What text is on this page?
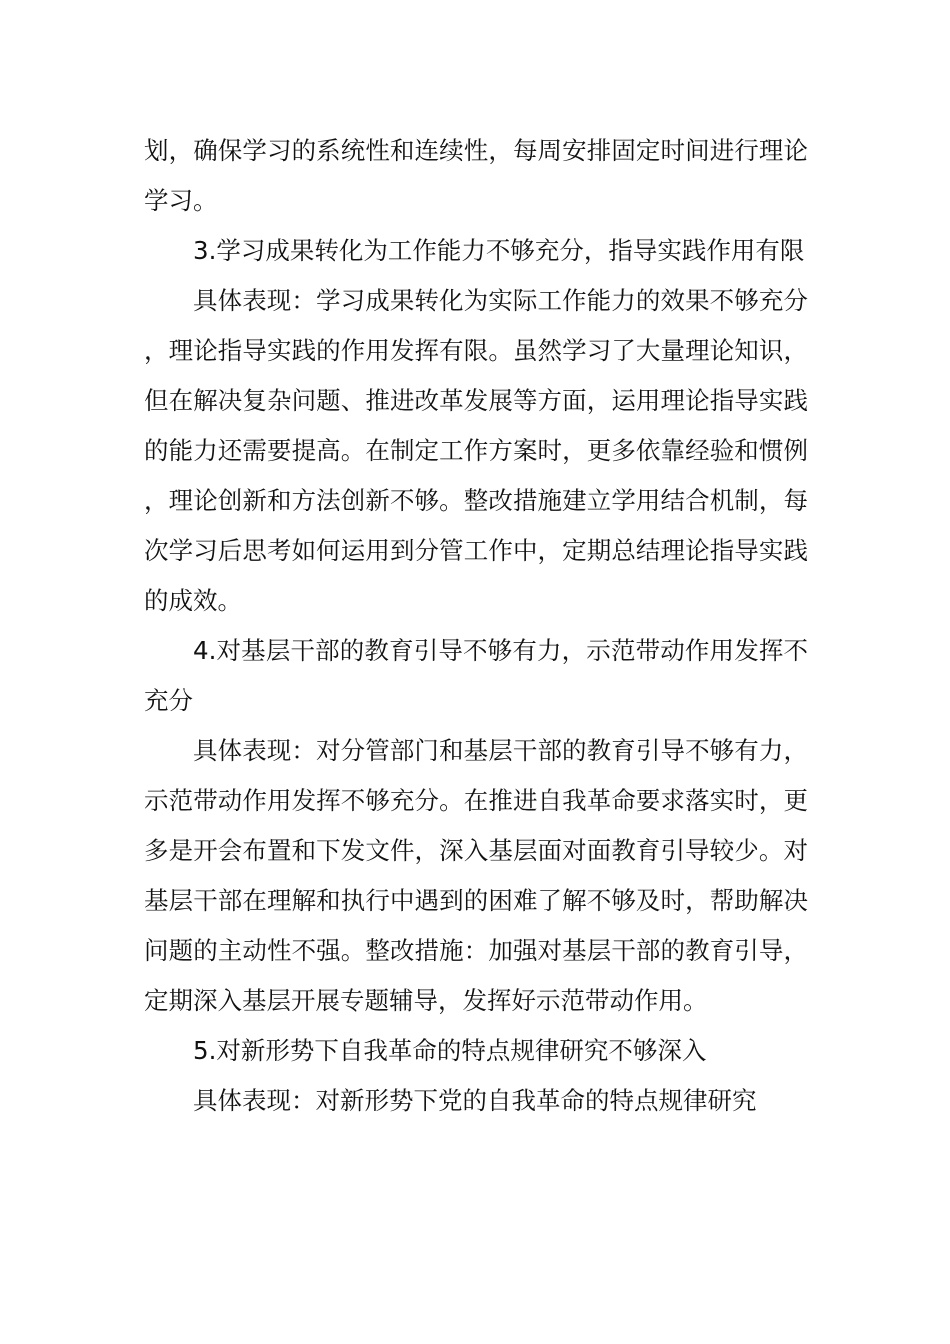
划，确保学习的系统性和连续性，每周安排固定时间进行理论学习。

3.学习成果转化为工作能力不够充分，指导实践作用有限

具体表现：学习成果转化为实际工作能力的效果不够充分，理论指导实践的作用发挥有限。虽然学习了大量理论知识，但在解决复杂问题、推进改革发展等方面，运用理论指导实践的能力还需要提高。在制定工作方案时，更多依靠经验和惯例，理论创新和方法创新不够。整改措施建立学用结合机制，每次学习后思考如何运用到分管工作中，定期总结理论指导实践的成效。

4.对基层干部的教育引导不够有力，示范带动作用发挥不充分

具体表现：对分管部门和基层干部的教育引导不够有力，示范带动作用发挥不够充分。在推进自我革命要求落实时，更多是开会布置和下发文件，深入基层面对面教育引导较少。对基层干部在理解和执行中遇到的困难了解不够及时，帮助解决问题的主动性不强。整改措施：加强对基层干部的教育引导，定期深入基层开展专题辅导，发挥好示范带动作用。

5.对新形势下自我革命的特点规律研究不够深入

具体表现：对新形势下党的自我革命的特点规律研究
